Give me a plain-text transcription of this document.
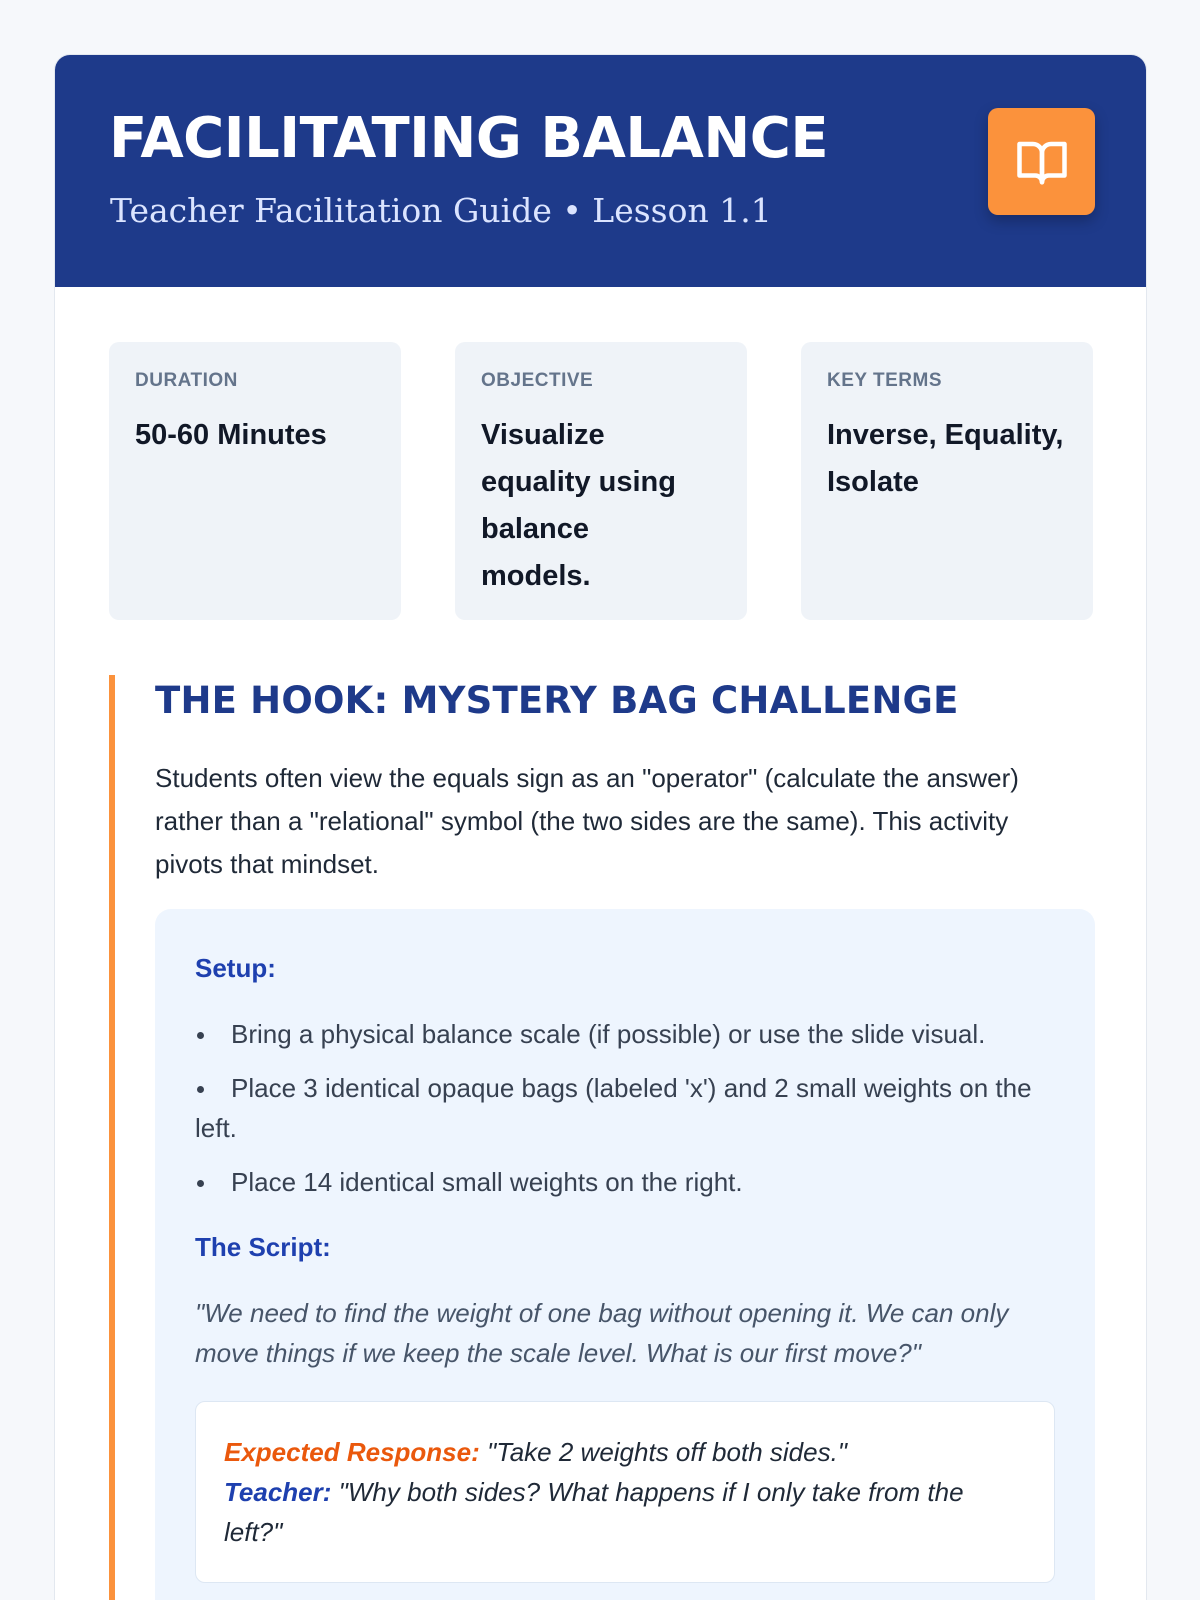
FACILITATING BALANCE
Teacher Facilitation Guide • Lesson 1.1
DURATION
50-60 Minutes
OBJECTIVE
Visualize equality using balance models.
KEY TERMS
Inverse, Equality, Isolate
THE HOOK: MYSTERY BAG CHALLENGE

Students often view the equals sign as an "operator" (calculate the answer) rather than a "relational" symbol (the two sides are the same). This activity pivots that mindset.

Setup:
Bring a physical balance scale (if possible) or use the slide visual.
Place 3 identical opaque bags (labeled 'x') and 2 small weights on the left.
Place 14 identical small weights on the right.
The Script:

"We need to find the weight of one bag without opening it. We can only move things if we keep the scale level. What is our first move?"

Expected Response: "Take 2 weights off both sides."
Teacher: "Why both sides? What happens if I only take from the left?"
